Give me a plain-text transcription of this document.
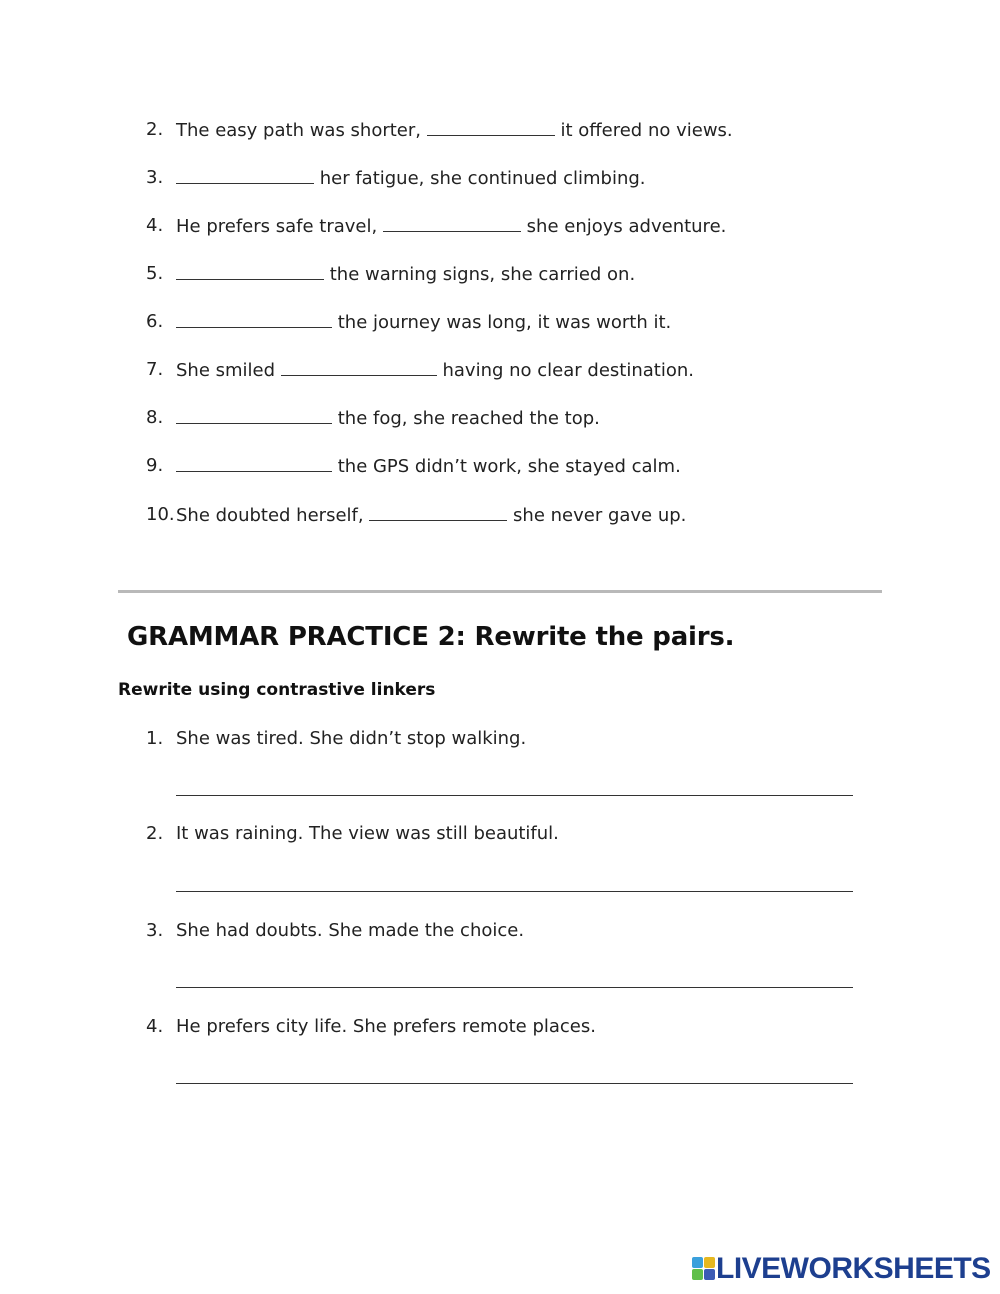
2. The easy path was shorter,	it offered no views.
3.	her fatigue, she continued climbing.
4. He prefers safe travel,	she enjoys adventure.
5.	the warning signs, she carried on.
6.	the journey was long, it was worth it.
7. She smiled	having no clear destination.
8.	the fog, she reached the top.
9.	the GPS didn’t work, she stayed calm.
10. She doubted herself,	she never gave up.
GRAMMAR PRACTICE 2: Rewrite the pairs.
Rewrite using contrastive linkers
1. She was tired. She didn’t stop walking.
2. It was raining. The view was still beautiful.
3. She had doubts. She made the choice.
4. He prefers city life. She prefers remote places.
LIVEWORKSHEETS
